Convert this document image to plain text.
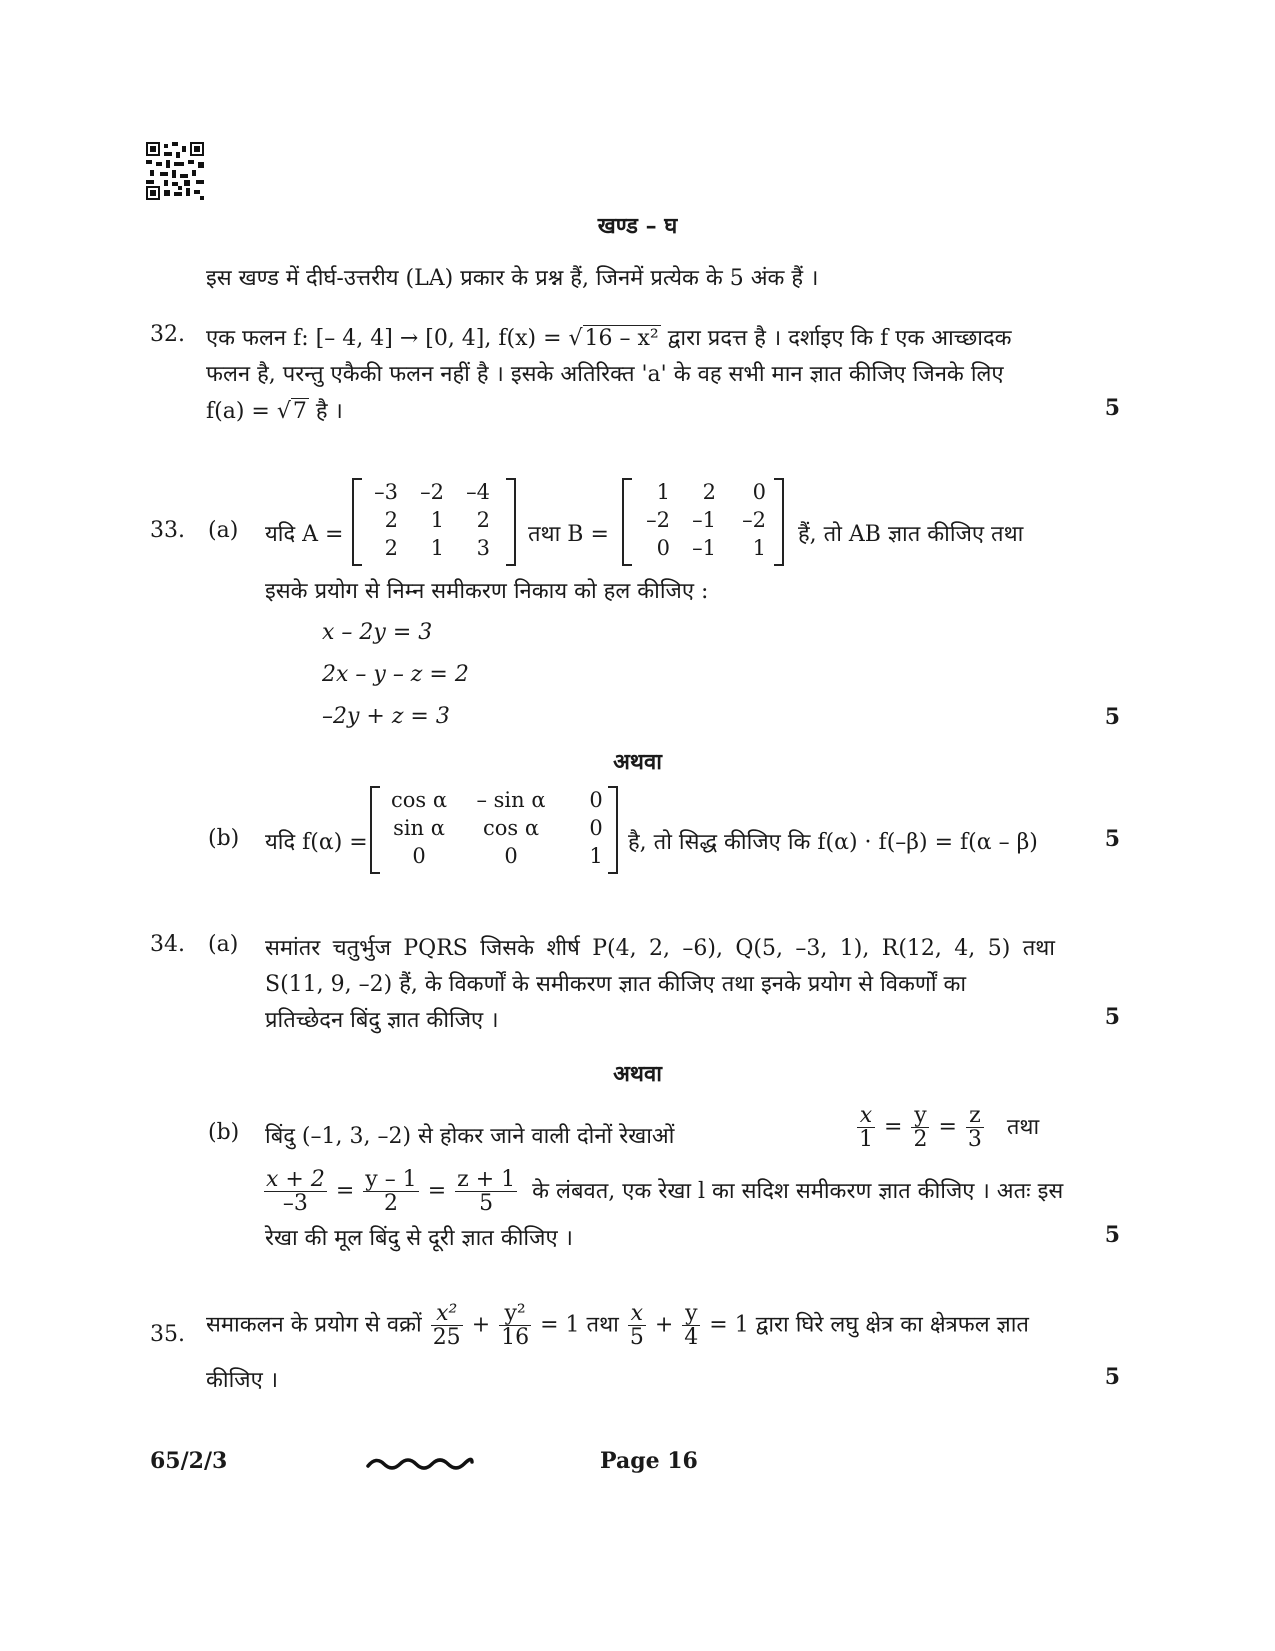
खण्ड – घ
इस खण्ड में दीर्घ-उत्तरीय (LA) प्रकार के प्रश्न हैं, जिनमें प्रत्येक के 5 अंक हैं ।
32. एक फलन f: [– 4, 4] → [0, 4], f(x) = √16 – x² द्वारा प्रदत्त है । दर्शाइए कि f एक आच्छादक
फलन है, परन्तु एकैकी फलन नहीं है । इसके अतिरिक्त 'a' के वह सभी मान ज्ञात कीजिए जिनके लिए
f(a) = √7 है ।	5
33. (a) यदि A =
–3	–2	–4
2	1	2
2	1	3
तथा B =
1	2	0
–2	–1	–2
0	–1	1
हैं, तो AB ज्ञात कीजिए तथा
इसके प्रयोग से निम्न समीकरण निकाय को हल कीजिए :
x – 2y = 3
2x – y – z = 2
–2y + z = 3	5
अथवा
(b) यदि f(α) =
cos α	– sin α	0
sin α	cos α	0
0	0	1
है, तो सिद्ध कीजिए कि f(α) · f(–β) = f(α – β)	5
34. (a) समांतर चतुर्भुज PQRS जिसके शीर्ष P(4, 2, –6), Q(5, –3, 1), R(12, 4, 5) तथा
S(11, 9, –2) हैं, के विकर्णों के समीकरण ज्ञात कीजिए तथा इनके प्रयोग से विकर्णों का
प्रतिच्छेदन बिंदु ज्ञात कीजिए ।	5
अथवा
(b) बिंदु (–1, 3, –2) से होकर जाने वाली दोनों रेखाओं	$\frac{x}{1} = \frac{y}{2} = \frac{z}{3}$ तथा
$\frac{x + 2}{-3} = \frac{y - 1}{2} = \frac{z + 1}{5}$ के लंबवत, एक रेखा l का सदिश समीकरण ज्ञात कीजिए । अतः इस
रेखा की मूल बिंदु से दूरी ज्ञात कीजिए ।	5
35. समाकलन के प्रयोग से वक्रों $\frac{\text{x²}}{25} + \frac{\text{y²}}{16} = 1$ तथा $\frac{x}{5} + \frac{y}{4} = 1$ द्वारा घिरे लघु क्षेत्र का क्षेत्रफल ज्ञात
कीजिए ।	5
65/2/3	Page 16
